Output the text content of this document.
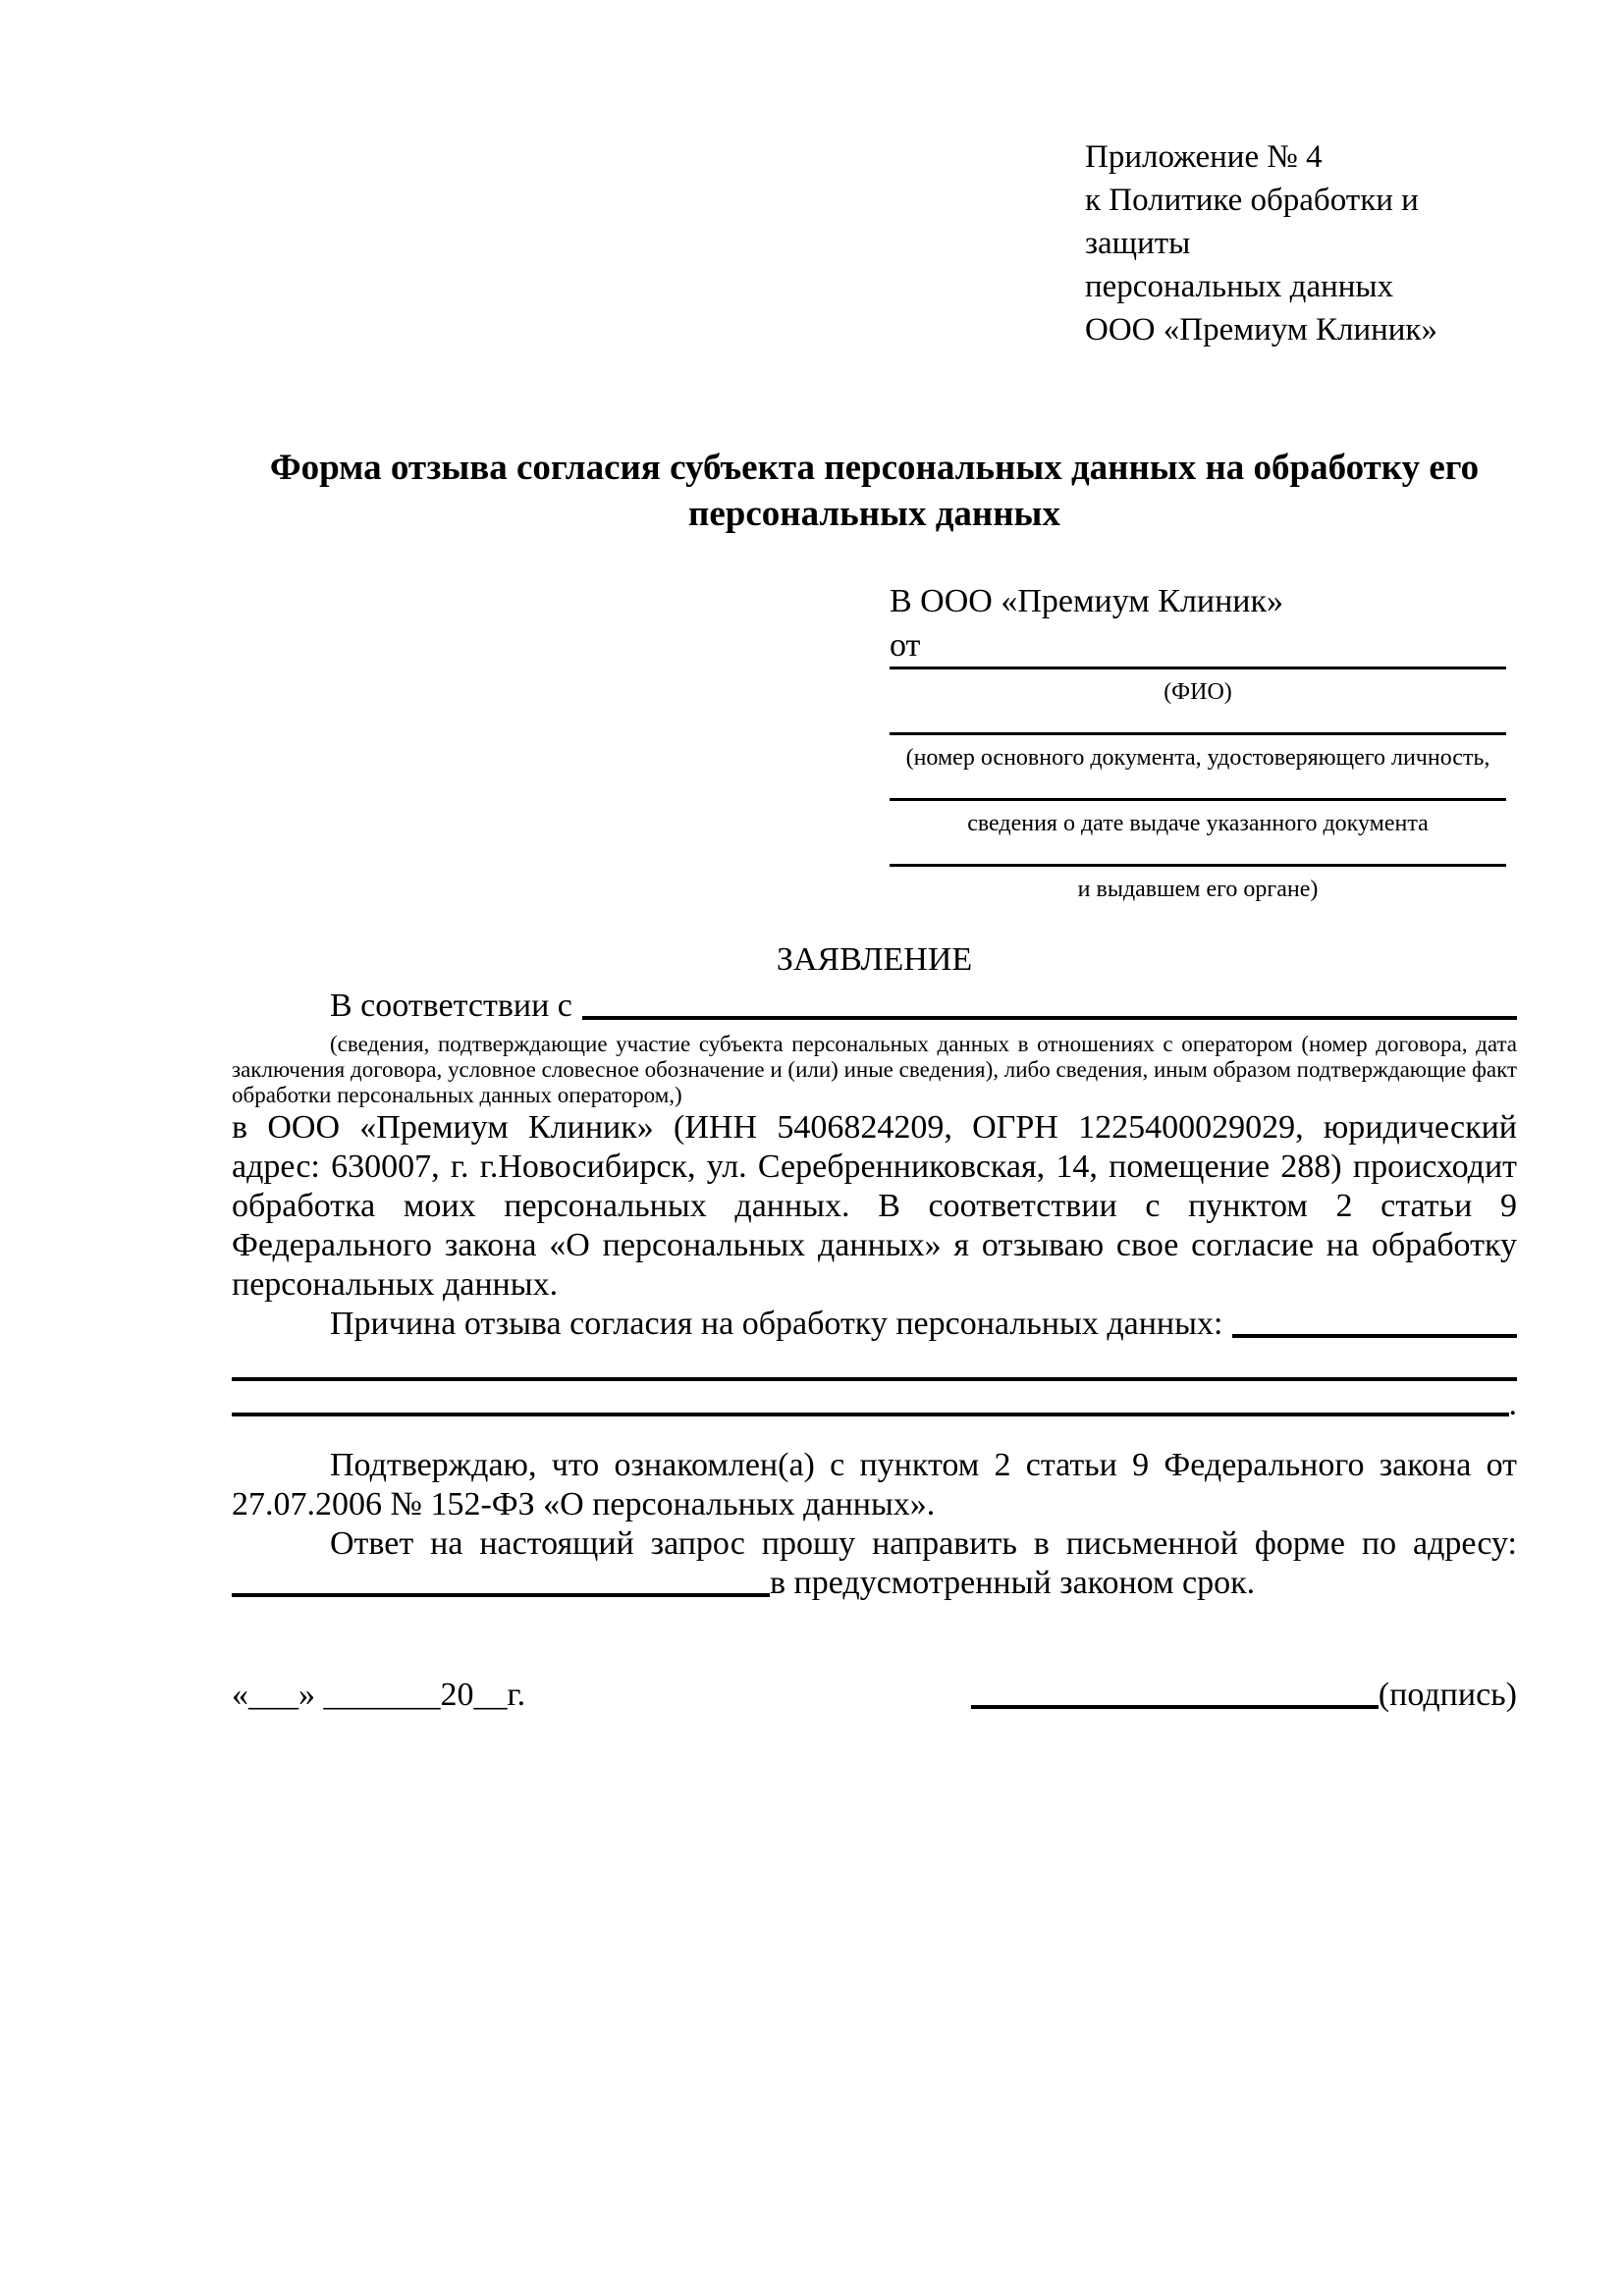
Приложение № 4
к Политике обработки и защиты
персональных данных
ООО «Премиум Клиник»
Форма отзыва согласия субъекта персональных данных на обработку его персональных данных
В ООО «Премиум Клиник»
от
(ФИО)
(номер основного документа, удостоверяющего личность,
сведения о дате выдаче указанного документа
и выдавшем его органе)
ЗАЯВЛЕНИЕ
В соответствии с
(сведения, подтверждающие участие субъекта персональных данных в отношениях с оператором (номер договора, дата заключения договора, условное словесное обозначение и (или) иные сведения), либо сведения, иным образом подтверждающие факт обработки персональных данных оператором,)
в ООО «Премиум Клиник» (ИНН 5406824209, ОГРН 1225400029029, юридический адрес: 630007, г. г.Новосибирск, ул. Серебренниковская, 14, помещение 288) происходит обработка моих персональных данных. В соответствии с пунктом 2 статьи 9 Федерального закона «О персональных данных» я отзываю свое согласие на обработку персональных данных.
Причина отзыва согласия на обработку персональных данных:
.
Подтверждаю, что ознакомлен(а) с пунктом 2 статьи 9 Федерального закона от 27.07.2006 № 152-ФЗ «О персональных данных».
Ответ на настоящий запрос прошу направить в письменной форме по адресу:
в предусмотренный законом срок.
«___» _______20__г.	(подпись)
